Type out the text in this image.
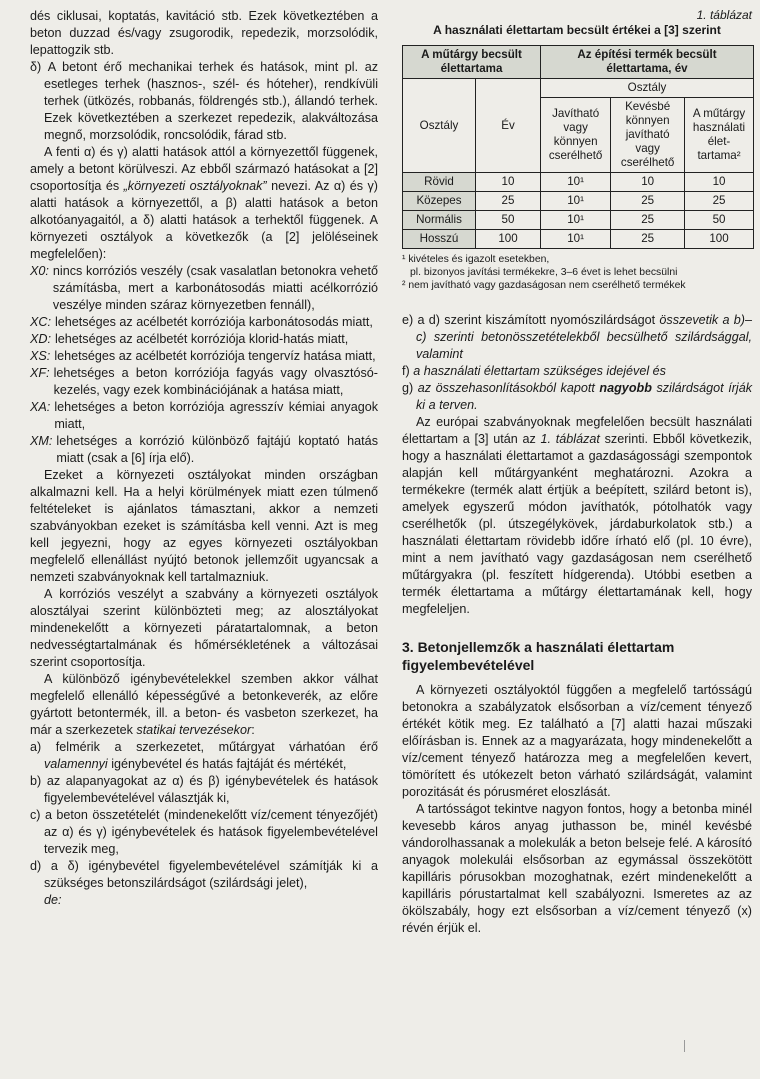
dés ciklusai, koptatás, kavitáció stb. Ezek következtében a beton duzzad és/vagy zsugorodik, repedezik, morzsolódik, lepattogzik stb.

δ) A betont érő mechanikai terhek és hatások, mint pl. az esetleges terhek (hasznos-, szél- és hóteher), rendkívüli terhek (ütközés, robbanás, földrengés stb.), állandó terhek. Ezek következtében a szerkezet repedezik, alakváltozása megnő, morzsolódik, roncsolódik, fárad stb.

A fenti α) és γ) alatti hatások attól a környezettől függenek, amely a betont körülveszi. Az ebből származó hatásokat a [2] csoportosítja és „környezeti osztályoknak” nevezi. Az α) és γ) alatti hatások a környezettől, a β) alatti hatások a beton alkotóanyagaitól, a δ) alatti hatások a terhektől függenek. A környezeti osztályok a következők (a [2] jelöléseinek megfelelően):

X0: nincs korróziós veszély (csak vasalatlan betonokra vehető számításba, mert a karbonátosodás miatti acélkorrózió veszélye minden száraz környezetben fennáll),
XC: lehetséges az acélbetét korróziója karbonátosodás miatt,
XD: lehetséges az acélbetét korróziója klorid-hatás miatt,
XS: lehetséges az acélbetét korróziója tengervíz hatása miatt,
XF: lehetséges a beton korróziója fagyás vagy olvasztósó-kezelés, vagy ezek kombinációjának a hatása miatt,
XA: lehetséges a beton korróziója agresszív kémiai anyagok miatt,
XM: lehetséges a korrózió különböző fajtájú koptató hatás miatt (csak a [6] írja elő).

Ezeket a környezeti osztályokat minden országban alkalmazni kell. Ha a helyi körülmények miatt ezen túlmenő feltételeket is ajánlatos támasztani, akkor a nemzeti szabványokban ezeket is számításba kell venni. Azt is meg kell jegyezni, hogy az egyes környezeti osztályokban megfelelő ellenállást nyújtó betonok jellemzőit ugyancsak a nemzeti szabványoknak kell tartalmazniuk.

A korróziós veszélyt a szabvány a környezeti osztályok alosztályai szerint különbözteti meg; az alosztályokat mindenekelőtt a környezeti páratartalomnak, a beton nedvességtartalmának és hőmérsékletének a változásai szerint csoportosítja.

A különböző igénybevételekkel szemben akkor válhat megfelelő ellenálló képességűvé a betonkeverék, az előre gyártott betontermék, ill. a beton- és vasbeton szerkezet, ha már a szerkezetek statikai tervezésekor:

a) felmérik a szerkezetet, műtárgyat várhatóan érő valamennyi igénybevétel és hatás fajtáját és mértékét,

b) az alapanyagokat az α) és β) igénybevételek és hatások figyelembevételével választják ki,

c) a beton összetételét (mindenekelőtt víz/cement tényezőjét) az α) és γ) igénybevételek és hatások figyelembevételével tervezik meg,

d) a δ) igénybevétel figyelembevételével számítják ki a szükséges betonszilárdságot (szilárdsági jelet),
de:

1. táblázat
A használati élettartam becsült értékei a [3] szerint
A műtárgy becsült élettartama		Az építési termék becsült élettartama, év		
Osztály	Év	Osztály		
		Javítható vagy könnyen cserélhető	Kevésbé könnyen javítható vagy cserélhető	A műtárgy használati élet-tartama²
Rövid	10	10¹	10	10
Közepes	25	10¹	25	25
Normális	50	10¹	25	50
Hosszú	100	10¹	25	100
¹ kivételes és igazolt esetekben,
pl. bizonyos javítási termékekre, 3–6 évet is lehet becsülni
² nem javítható vagy gazdaságosan nem cserélhető termékek

e) a d) szerint kiszámított nyomószilárdságot összevetik a b)–c) szerinti betonösszetételekből becsülhető szilárdsággal, valamint

f) a használati élettartam szükséges idejével és

g) az összehasonlításokból kapott nagyobb szilárdságot írják ki a terven.

Az európai szabványoknak megfelelően becsült használati élettartam a [3] után az 1. táblázat szerinti. Ebből következik, hogy a használati élettartamot a gazdaságossági szempontok alapján kell műtárgyanként meghatározni. Azokra a termékekre (termék alatt értjük a beépített, szilárd betont is), amelyek egyszerű módon javíthatók, pótolhatók vagy cserélhetők (pl. útszegélykövek, járdaburkolatok stb.) a használati élettartam rövidebb időre írható elő (pl. 10 évre), mint a nem javítható vagy gazdaságosan nem cserélhető műtárgyakra (pl. feszített hídgerenda). Utóbbi esetben a termék élettartama a műtárgy élettartamának kell, hogy megfeleljen.

3. Betonjellemzők a használati élettartam figyelembevételével

A környezeti osztályoktól függően a megfelelő tartósságú betonokra a szabályzatok elsősorban a víz/cement tényező értékét kötik meg. Ez található a [7] alatti hazai műszaki előírásban is. Ennek az a magyarázata, hogy mindenekelőtt a víz/cement tényező határozza meg a megfelelően kevert, tömörített és utókezelt beton várható szilárdságát, valamint porozitását és pórusméret eloszlását.

A tartósságot tekintve nagyon fontos, hogy a betonba minél kevesebb káros anyag juthasson be, minél kevésbé vándorolhassanak a molekulák a beton belseje felé. A károsító anyagok molekulái elsősorban az egymással összekötött kapilláris pórusokban mozoghatnak, ezért mindenekelőtt a kapilláris pórustartalmat kell szabályozni. Ismeretes az az ökölszabály, hogy ezt elsősorban a víz/cement tényező (x) révén érjük el.
